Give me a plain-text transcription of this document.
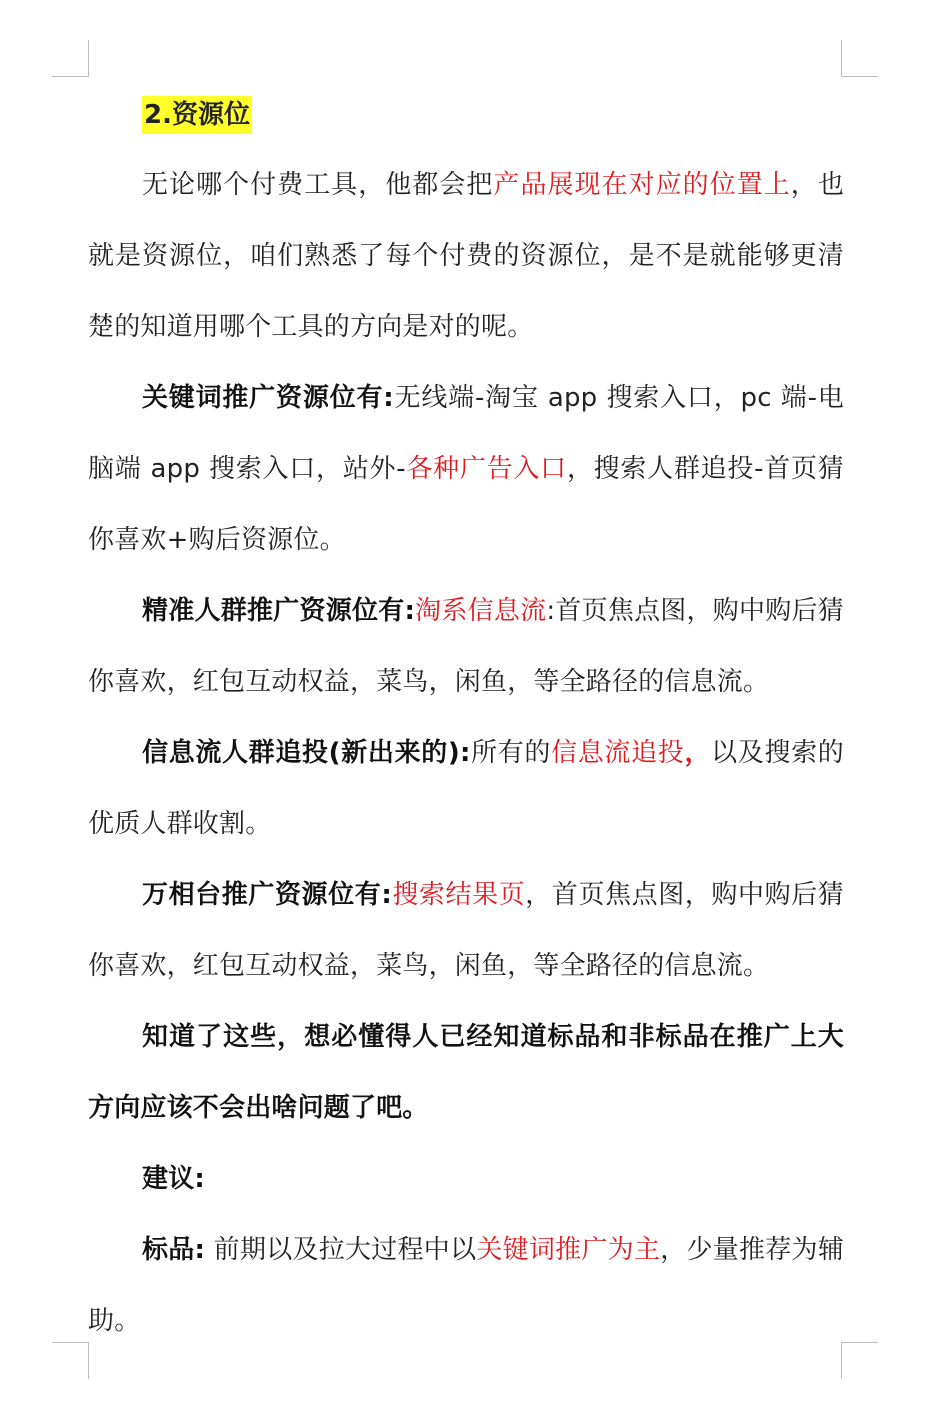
2.资源位

无论哪个付费工具，他都会把产品展现在对应的位置上，也就是资源位，咱们熟悉了每个付费的资源位，是不是就能够更清楚的知道用哪个工具的方向是对的呢。

关键词推广资源位有:无线端-淘宝 app 搜索入口，pc 端-电脑端 app 搜索入口，站外-各种广告入口，搜索人群追投-首页猜你喜欢+购后资源位。

精准人群推广资源位有:淘系信息流:首页焦点图，购中购后猜你喜欢，红包互动权益，菜鸟，闲鱼，等全路径的信息流。

信息流人群追投(新出来的):所有的信息流追投，以及搜索的优质人群收割。

万相台推广资源位有:搜索结果页，首页焦点图，购中购后猜你喜欢，红包互动权益，菜鸟，闲鱼，等全路径的信息流。

知道了这些，想必懂得人已经知道标品和非标品在推广上大方向应该不会出啥问题了吧。

建议:

标品: 前期以及拉大过程中以关键词推广为主，少量推荐为辅助。
